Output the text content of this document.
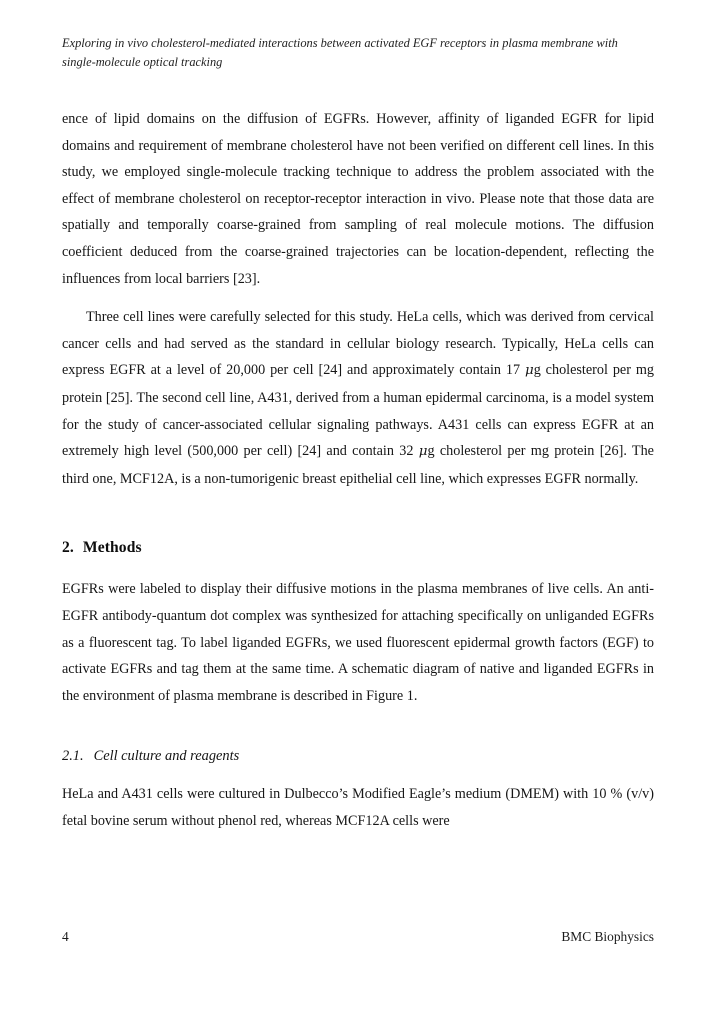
Exploring in vivo cholesterol-mediated interactions between activated EGF receptors in plasma membrane with single-molecule optical tracking

ence of lipid domains on the diffusion of EGFRs. However, affinity of liganded EGFR for lipid domains and requirement of membrane cholesterol have not been verified on different cell lines. In this study, we employed single-molecule tracking technique to address the problem associated with the effect of membrane cholesterol on receptor-receptor interaction in vivo. Please note that those data are spatially and temporally coarse-grained from sampling of real molecule motions. The diffusion coefficient deduced from the coarse-grained trajectories can be location-dependent, reflecting the influences from local barriers [23].

Three cell lines were carefully selected for this study. HeLa cells, which was derived from cervical cancer cells and had served as the standard in cellular biology research. Typically, HeLa cells can express EGFR at a level of 20,000 per cell [24] and approximately contain 17 μg cholesterol per mg protein [25]. The second cell line, A431, derived from a human epidermal carcinoma, is a model system for the study of cancer-associated cellular signaling pathways. A431 cells can express EGFR at an extremely high level (500,000 per cell) [24] and contain 32 μg cholesterol per mg protein [26]. The third one, MCF12A, is a non-tumorigenic breast epithelial cell line, which expresses EGFR normally.

2. Methods

EGFRs were labeled to display their diffusive motions in the plasma membranes of live cells. An anti-EGFR antibody-quantum dot complex was synthesized for attaching specifically on unliganded EGFRs as a fluorescent tag. To label liganded EGFRs, we used fluorescent epidermal growth factors (EGF) to activate EGFRs and tag them at the same time. A schematic diagram of native and liganded EGFRs in the environment of plasma membrane is described in Figure 1.

2.1. Cell culture and reagents

HeLa and A431 cells were cultured in Dulbecco’s Modified Eagle’s medium (DMEM) with 10 % (v/v) fetal bovine serum without phenol red, whereas MCF12A cells were

4	BMC Biophysics
